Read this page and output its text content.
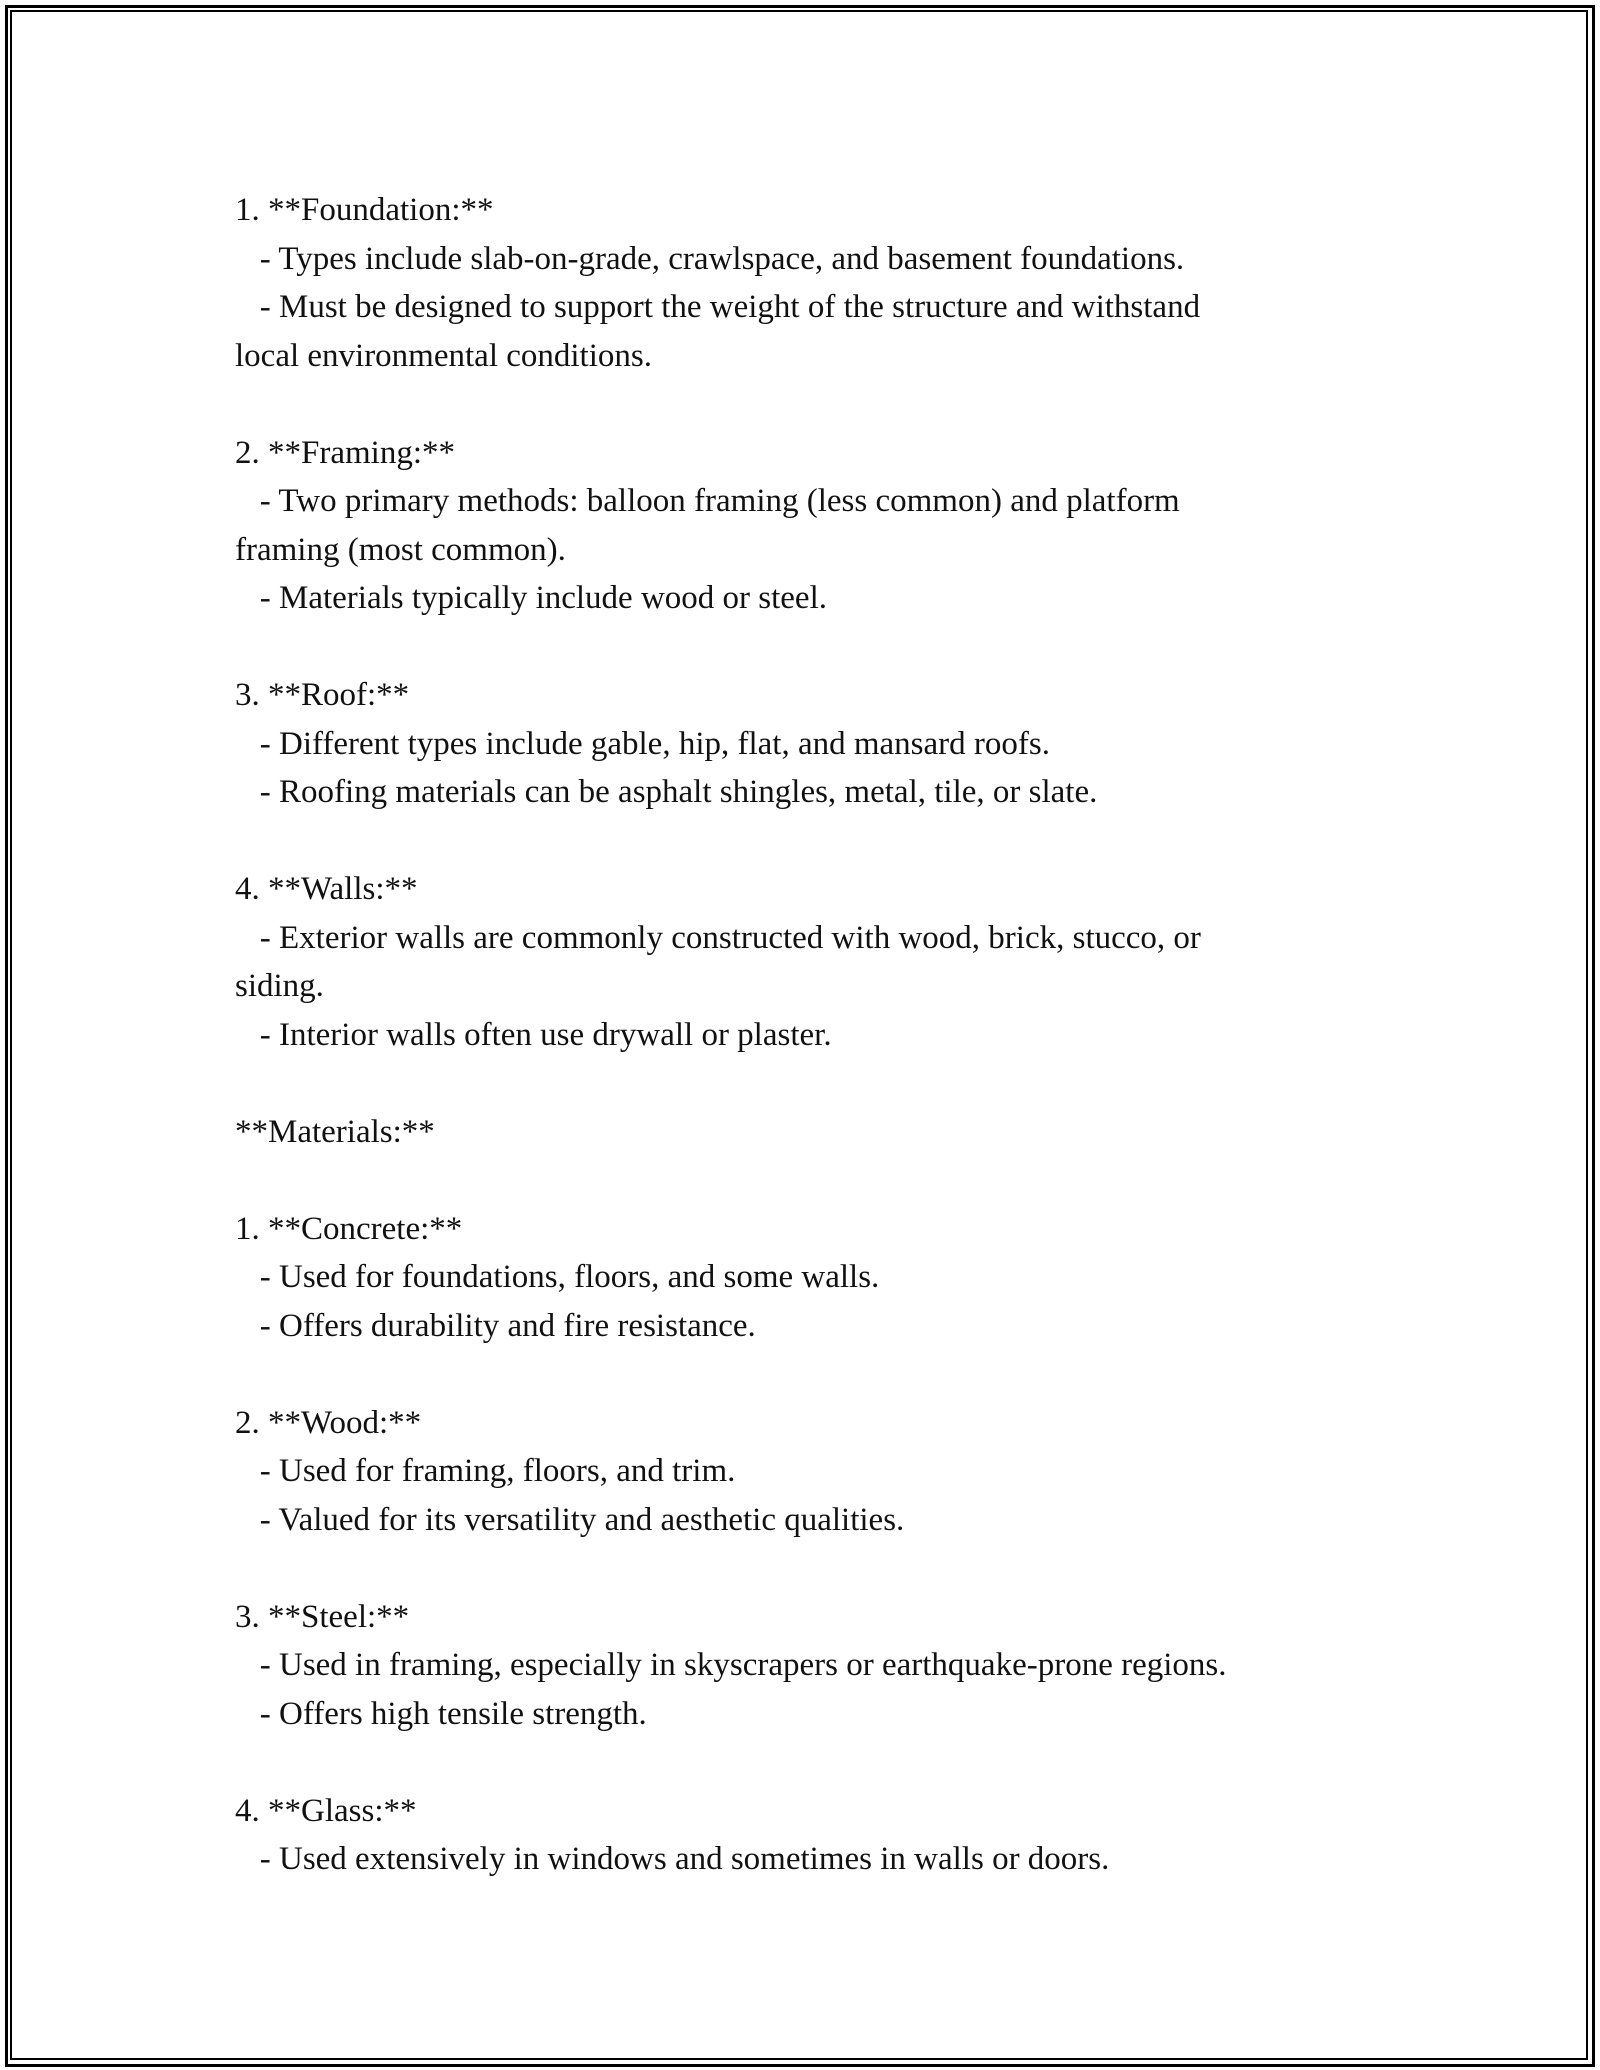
1. **Foundation:**
- Types include slab-on-grade, crawlspace, and basement foundations.
- Must be designed to support the weight of the structure and withstand
local environmental conditions.
2. **Framing:**
- Two primary methods: balloon framing (less common) and platform
framing (most common).
- Materials typically include wood or steel.
3. **Roof:**
- Different types include gable, hip, flat, and mansard roofs.
- Roofing materials can be asphalt shingles, metal, tile, or slate.
4. **Walls:**
- Exterior walls are commonly constructed with wood, brick, stucco, or
siding.
- Interior walls often use drywall or plaster.
**Materials:**
1. **Concrete:**
- Used for foundations, floors, and some walls.
- Offers durability and fire resistance.
2. **Wood:**
- Used for framing, floors, and trim.
- Valued for its versatility and aesthetic qualities.
3. **Steel:**
- Used in framing, especially in skyscrapers or earthquake-prone regions.
- Offers high tensile strength.
4. **Glass:**
- Used extensively in windows and sometimes in walls or doors.
